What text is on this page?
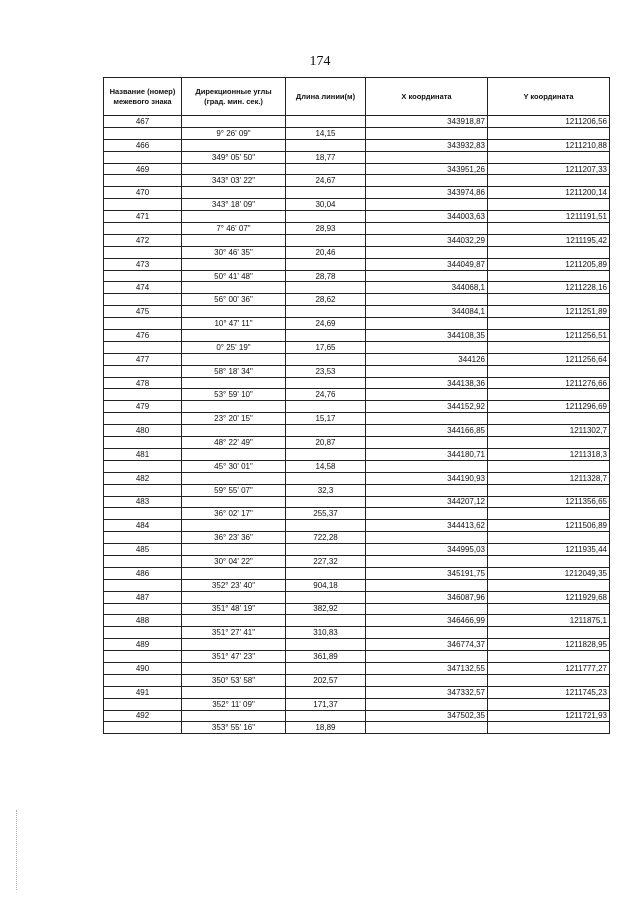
174
Название (номер) межевого знака	Дирекционные углы (град. мин. сек.)	Длина линии(м)	X координата	Y координата
467			343918,87	1211206,56
	9° 26' 09"	14,15		
466			343932,83	1211210,88
	349° 05' 50"	18,77		
469			343951,26	1211207,33
	343° 03' 22"	24,67		
470			343974,86	1211200,14
	343° 18' 09"	30,04		
471			344003,63	1211191,51
	7° 46' 07"	28,93		
472			344032,29	1211195,42
	30° 46' 35"	20,46		
473			344049,87	1211205,89
	50° 41' 48"	28,78		
474			344068,1	1211228,16
	56° 00' 36"	28,62		
475			344084,1	1211251,89
	10° 47' 11"	24,69		
476			344108,35	1211256,51
	0° 25' 19"	17,65		
477			344126	1211256,64
	58° 18' 34"	23,53		
478			344138,36	1211276,66
	53° 59' 10"	24,76		
479			344152,92	1211296,69
	23° 20' 15"	15,17		
480			344166,85	1211302,7
	48° 22' 49"	20,87		
481			344180,71	1211318,3
	45° 30' 01"	14,58		
482			344190,93	1211328,7
	59° 55' 07"	32,3		
483			344207,12	1211356,65
	36° 02' 17"	255,37		
484			344413,62	1211506,89
	36° 23' 36"	722,28		
485			344995,03	1211935,44
	30° 04' 22"	227,32		
486			345191,75	1212049,35
	352° 23' 40"	904,18		
487			346087,96	1211929,68
	351° 48' 19"	382,92		
488			346466,99	1211875,1
	351° 27' 41"	310,83		
489			346774,37	1211828,95
	351° 47' 23"	361,89		
490			347132,55	1211777,27
	350° 53' 58"	202,57		
491			347332,57	1211745,23
	352° 11' 09"	171,37		
492			347502,35	1211721,93
	353° 55' 16"	18,89		
